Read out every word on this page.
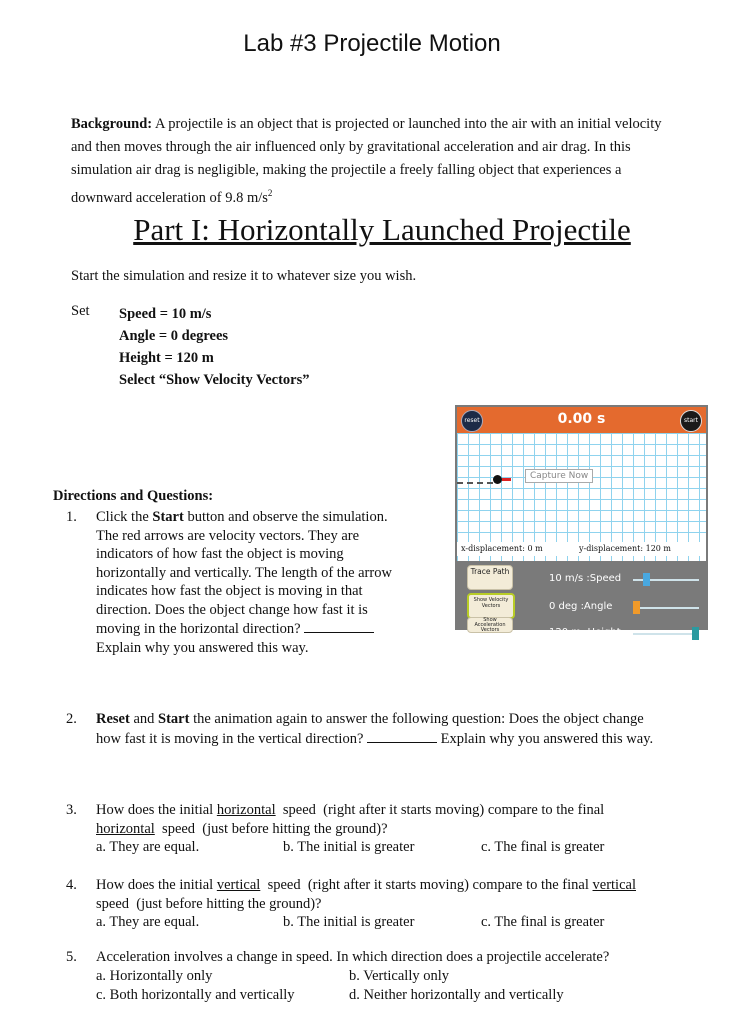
Lab #3 Projectile Motion
Background: A projectile is an object that is projected or launched into the air with an initial velocity and then moves through the air influenced only by gravitational acceleration and air drag. In this simulation air drag is negligible, making the projectile a freely falling object that experiences a downward acceleration of 9.8 $m/s^2$
Part I: Horizontally Launched Projectile
Start the simulation and resize it to whatever size you wish.
Set Speed = 10 m/s
Angle = 0 degrees
Height = 120 m
Select “Show Velocity Vectors”
reset	0.00 s	start
Capture Now
x-displacement: 0 m	y-displacement: 120 m
Trace Path
Show Velocity Vectors
Show Acceleration Vectors
10 m/s :Speed
0 deg :Angle
120 m :Height
Directions and Questions:
1. Click the Start button and observe the simulation.
The red arrows are velocity vectors. They are
indicators of how fast the object is moving
horizontally and vertically. The length of the arrow
indicates how fast the object is moving in that
direction. Does the object change how fast it is
moving in the horizontal direction?
Explain why you answered this way.
2. Reset and Start the animation again to answer the following question: Does the object change
how fast it is moving in the vertical direction?	Explain why you answered this way.
3. How does the initial horizontal  speed  (right after it starts moving) compare to the final
horizontal  speed  (just before hitting the ground)?
a. They are equal.	b. The initial is greater	c. The final is greater
4. How does the initial vertical  speed  (right after it starts moving) compare to the final vertical
speed  (just before hitting the ground)?
a. They are equal.	b. The initial is greater	c. The final is greater
5. Acceleration involves a change in speed. In which direction does a projectile accelerate?
a. Horizontally only	b. Vertically only
c. Both horizontally and vertically	d. Neither horizontally and vertically
